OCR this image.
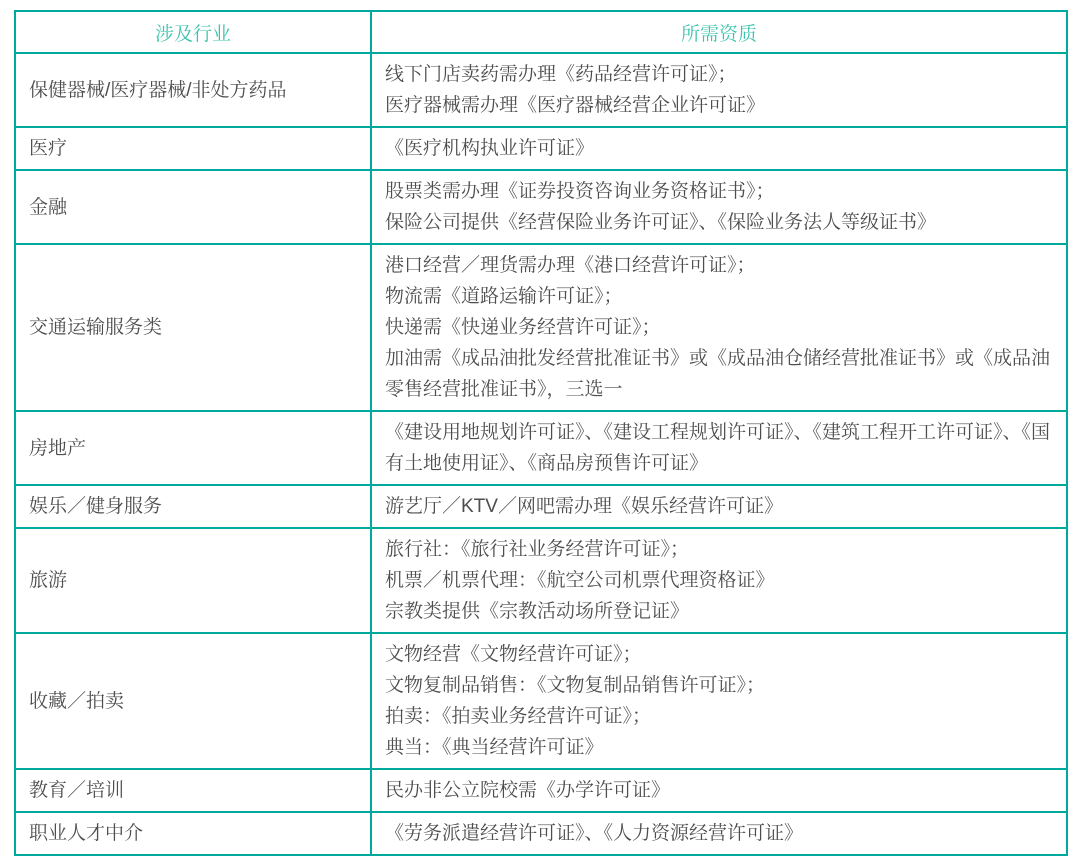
涉及行业	所需资质
保健器械/医疗器械/非处方药品	线下门店卖药需办理《药品经营许可证》；
医疗器械需办理《医疗器械经营企业许可证》

医疗	《医疗机构执业许可证》

金融	股票类需办理《证券投资咨询业务资格证书》；
保险公司提供《经营保险业务许可证》、《保险业务法人等级证书》

交通运输服务类	港口经营／理货需办理《港口经营许可证》；
物流需《道路运输许可证》；
快递需《快递业务经营许可证》；
加油需《成品油批发经营批准证书》或《成品油仓储经营批准证书》或《成品油零售经营批准证书》，三选一

房地产	《建设用地规划许可证》、《建设工程规划许可证》、《建筑工程开工许可证》、《国有土地使用证》、《商品房预售许可证》

娱乐／健身服务	游艺厅／KTV／网吧需办理《娱乐经营许可证》

旅游	旅行社：《旅行社业务经营许可证》；
机票／机票代理：《航空公司机票代理资格证》
宗教类提供《宗教活动场所登记证》

收藏／拍卖	文物经营《文物经营许可证》；
文物复制品销售：《文物复制品销售许可证》；
拍卖：《拍卖业务经营许可证》；
典当：《典当经营许可证》

教育／培训	民办非公立院校需《办学许可证》

职业人才中介	《劳务派遣经营许可证》、《人力资源经营许可证》
